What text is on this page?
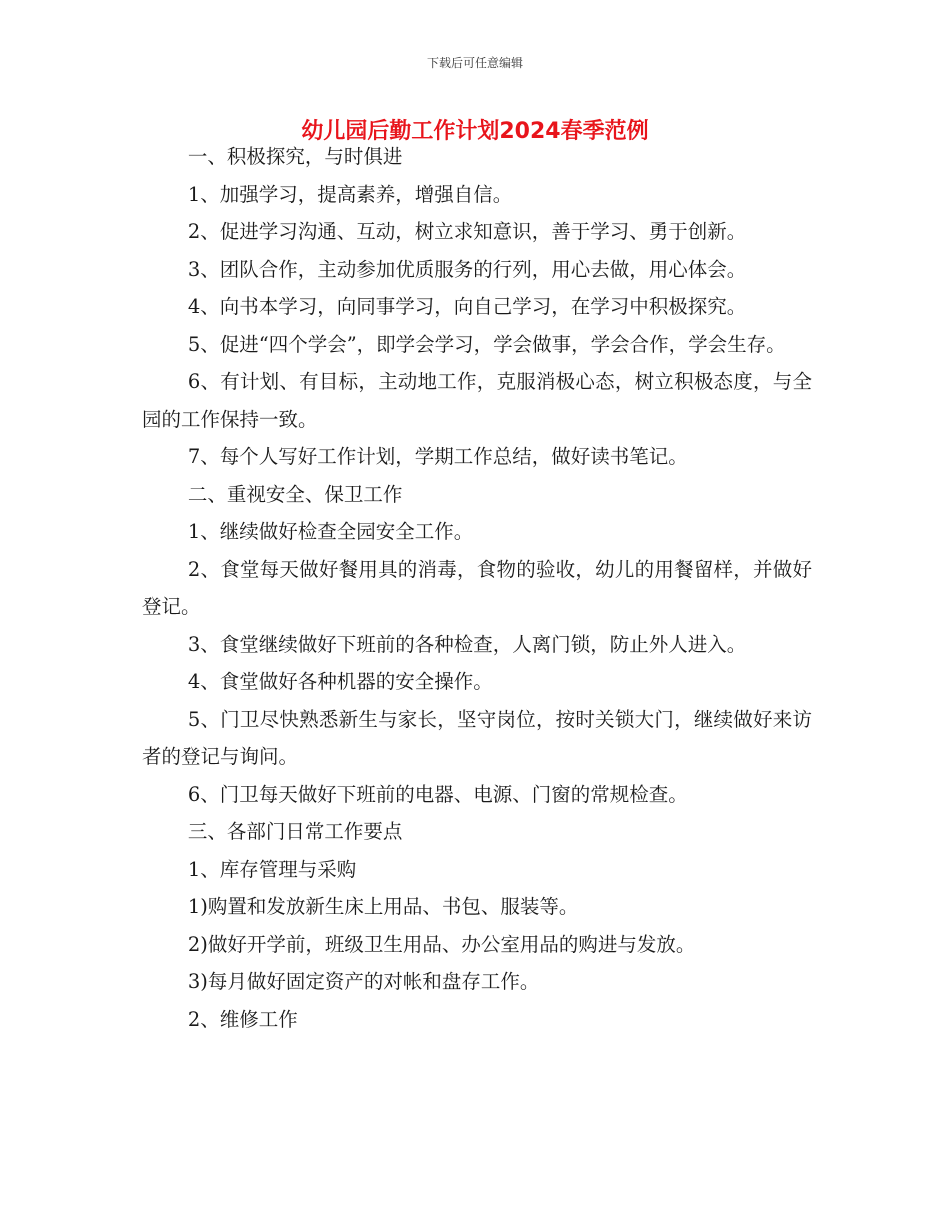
下载后可任意编辑
幼儿园后勤工作计划2024春季范例

一、积极探究，与时俱进

1、加强学习，提高素养，增强自信。

2、促进学习沟通、互动，树立求知意识，善于学习、勇于创新。

3、团队合作，主动参加优质服务的行列，用心去做，用心体会。

4、向书本学习，向同事学习，向自己学习，在学习中积极探究。

5、促进“四个学会”，即学会学习，学会做事，学会合作，学会生存。

6、有计划、有目标，主动地工作，克服消极心态，树立积极态度，与全园的工作保持一致。

7、每个人写好工作计划，学期工作总结，做好读书笔记。

二、重视安全、保卫工作

1、继续做好检查全园安全工作。

2、食堂每天做好餐用具的消毒，食物的验收，幼儿的用餐留样，并做好登记。

3、食堂继续做好下班前的各种检查，人离门锁，防止外人进入。

4、食堂做好各种机器的安全操作。

5、门卫尽快熟悉新生与家长，坚守岗位，按时关锁大门，继续做好来访者的登记与询问。

6、门卫每天做好下班前的电器、电源、门窗的常规检查。

三、各部门日常工作要点

1、库存管理与采购

1)购置和发放新生床上用品、书包、服装等。

2)做好开学前，班级卫生用品、办公室用品的购进与发放。

3)每月做好固定资产的对帐和盘存工作。

2、维修工作
